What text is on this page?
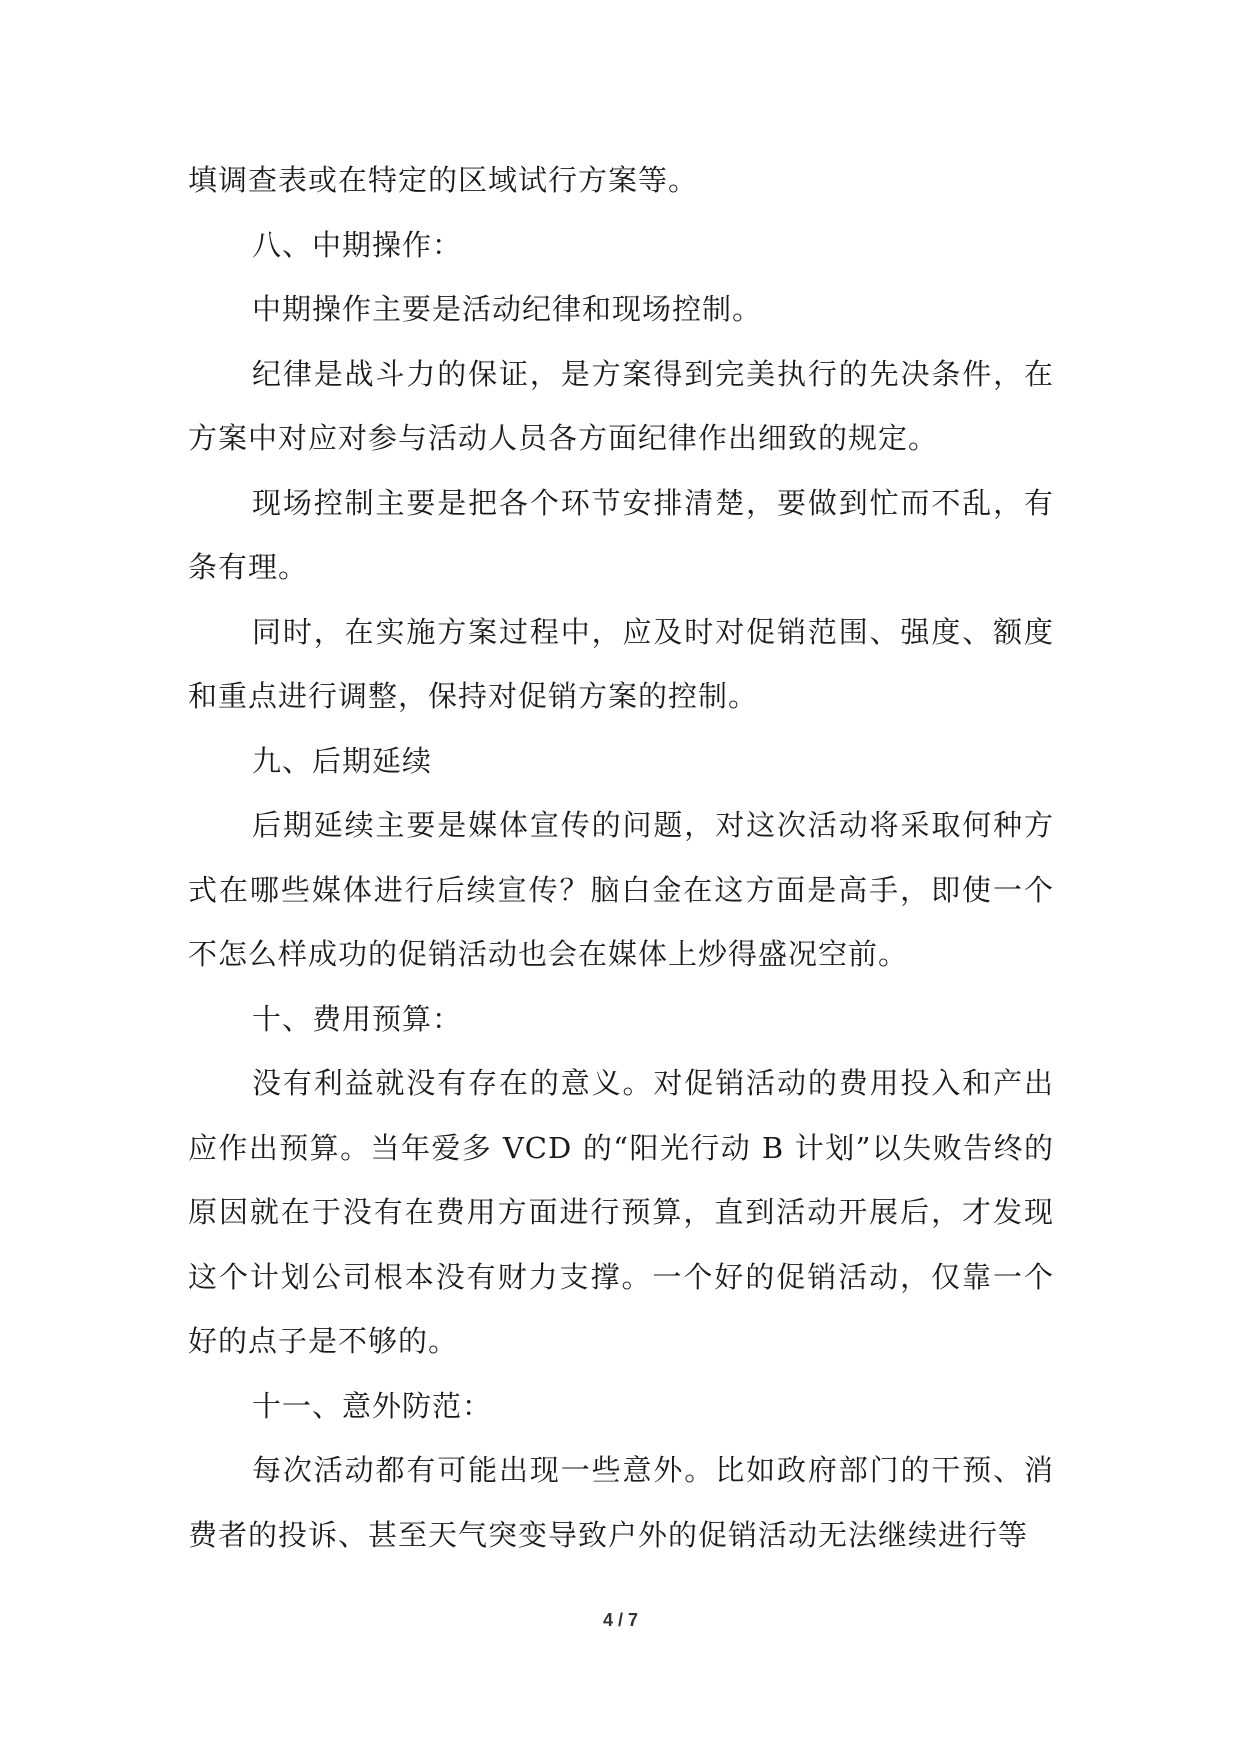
填调查表或在特定的区域试行方案等。

八、中期操作：

中期操作主要是活动纪律和现场控制。

纪律是战斗力的保证，是方案得到完美执行的先决条件，在方案中对应对参与活动人员各方面纪律作出细致的规定。

现场控制主要是把各个环节安排清楚，要做到忙而不乱，有条有理。

同时，在实施方案过程中，应及时对促销范围、强度、额度和重点进行调整，保持对促销方案的控制。

九、后期延续

后期延续主要是媒体宣传的问题，对这次活动将采取何种方式在哪些媒体进行后续宣传？脑白金在这方面是高手，即使一个不怎么样成功的促销活动也会在媒体上炒得盛况空前。

十、费用预算：

没有利益就没有存在的意义。对促销活动的费用投入和产出应作出预算。当年爱多 VCD 的“阳光行动 B 计划”以失败告终的原因就在于没有在费用方面进行预算，直到活动开展后，才发现这个计划公司根本没有财力支撑。一个好的促销活动，仅靠一个好的点子是不够的。

十一、意外防范：

每次活动都有可能出现一些意外。比如政府部门的干预、消费者的投诉、甚至天气突变导致户外的促销活动无法继续进行等

4 / 7
